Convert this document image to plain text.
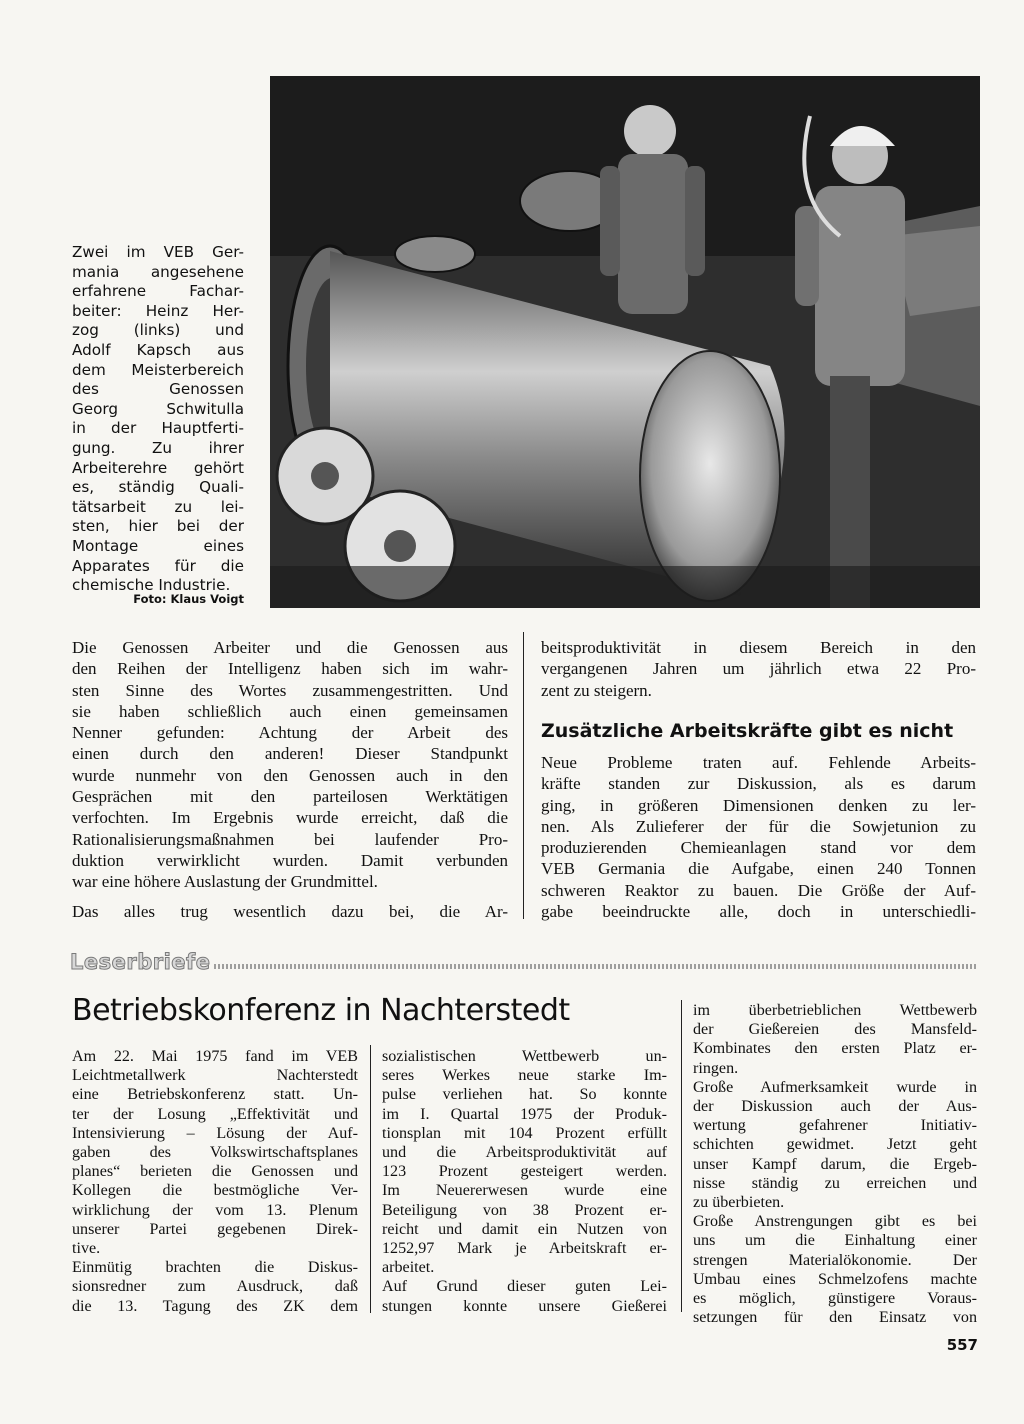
Zwei im VEB Ger-
mania angesehene
erfahrene Fachar-
beiter: Heinz Her-
zog (links) und
Adolf Kapsch aus
dem Meisterbereich
des Genossen
Georg Schwitulla
in der Hauptferti-
gung. Zu ihrer
Arbeiterehre gehört
es, ständig Quali-
tätsarbeit zu lei-
sten, hier bei der
Montage eines
Apparates für die
chemische Industrie.
Foto: Klaus Voigt
Die Genossen Arbeiter und die Genossen aus
den Reihen der Intelligenz haben sich im wahr-
sten Sinne des Wortes zusammengestritten. Und
sie haben schließlich auch einen gemeinsamen
Nenner gefunden: Achtung der Arbeit des
einen durch den anderen! Dieser Standpunkt
wurde nunmehr von den Genossen auch in den
Gesprächen mit den parteilosen Werktätigen
verfochten. Im Ergebnis wurde erreicht, daß die
Rationalisierungsmaßnahmen bei laufender Pro-
duktion verwirklicht wurden. Damit verbunden
war eine höhere Auslastung der Grundmittel.
Das alles trug wesentlich dazu bei, die Ar-
beitsproduktivität in diesem Bereich in den
vergangenen Jahren um jährlich etwa 22 Pro-
zent zu steigern.
Zusätzliche Arbeitskräfte gibt es nicht
Neue Probleme traten auf. Fehlende Arbeits-
kräfte standen zur Diskussion, als es darum
ging, in größeren Dimensionen denken zu ler-
nen. Als Zulieferer der für die Sowjetunion zu
produzierenden Chemieanlagen stand vor dem
VEB Germania die Aufgabe, einen 240 Tonnen
schweren Reaktor zu bauen. Die Größe der Auf-
gabe beeindruckte alle, doch in unterschiedli-
Leserbriefe
Betriebskonferenz in Nachterstedt
Am 22. Mai 1975 fand im VEB
Leichtmetallwerk Nachterstedt
eine Betriebskonferenz statt. Un-
ter der Losung „Effektivität und
Intensivierung – Lösung der Auf-
gaben des Volkswirtschaftsplanes
planes“ berieten die Genossen und
Kollegen die bestmögliche Ver-
wirklichung der vom 13. Plenum
unserer Partei gegebenen Direk-
tive.
Einmütig brachten die Diskus-
sionsredner zum Ausdruck, daß
die 13. Tagung des ZK dem
sozialistischen Wettbewerb un-
seres Werkes neue starke Im-
pulse verliehen hat. So konnte
im I. Quartal 1975 der Produk-
tionsplan mit 104 Prozent erfüllt
und die Arbeitsproduktivität auf
123 Prozent gesteigert werden.
Im Neuererwesen wurde eine
Beteiligung von 38 Prozent er-
reicht und damit ein Nutzen von
1252,97 Mark je Arbeitskraft er-
arbeitet.
Auf Grund dieser guten Lei-
stungen konnte unsere Gießerei
im überbetrieblichen Wettbewerb
der Gießereien des Mansfeld-
Kombinates den ersten Platz er-
ringen.
Große Aufmerksamkeit wurde in
der Diskussion auch der Aus-
wertung gefahrener Initiativ-
schichten gewidmet. Jetzt geht
unser Kampf darum, die Ergeb-
nisse ständig zu erreichen und
zu überbieten.
Große Anstrengungen gibt es bei
uns um die Einhaltung einer
strengen Materialökonomie. Der
Umbau eines Schmelzofens machte
es möglich, günstigere Voraus-
setzungen für den Einsatz von
557
